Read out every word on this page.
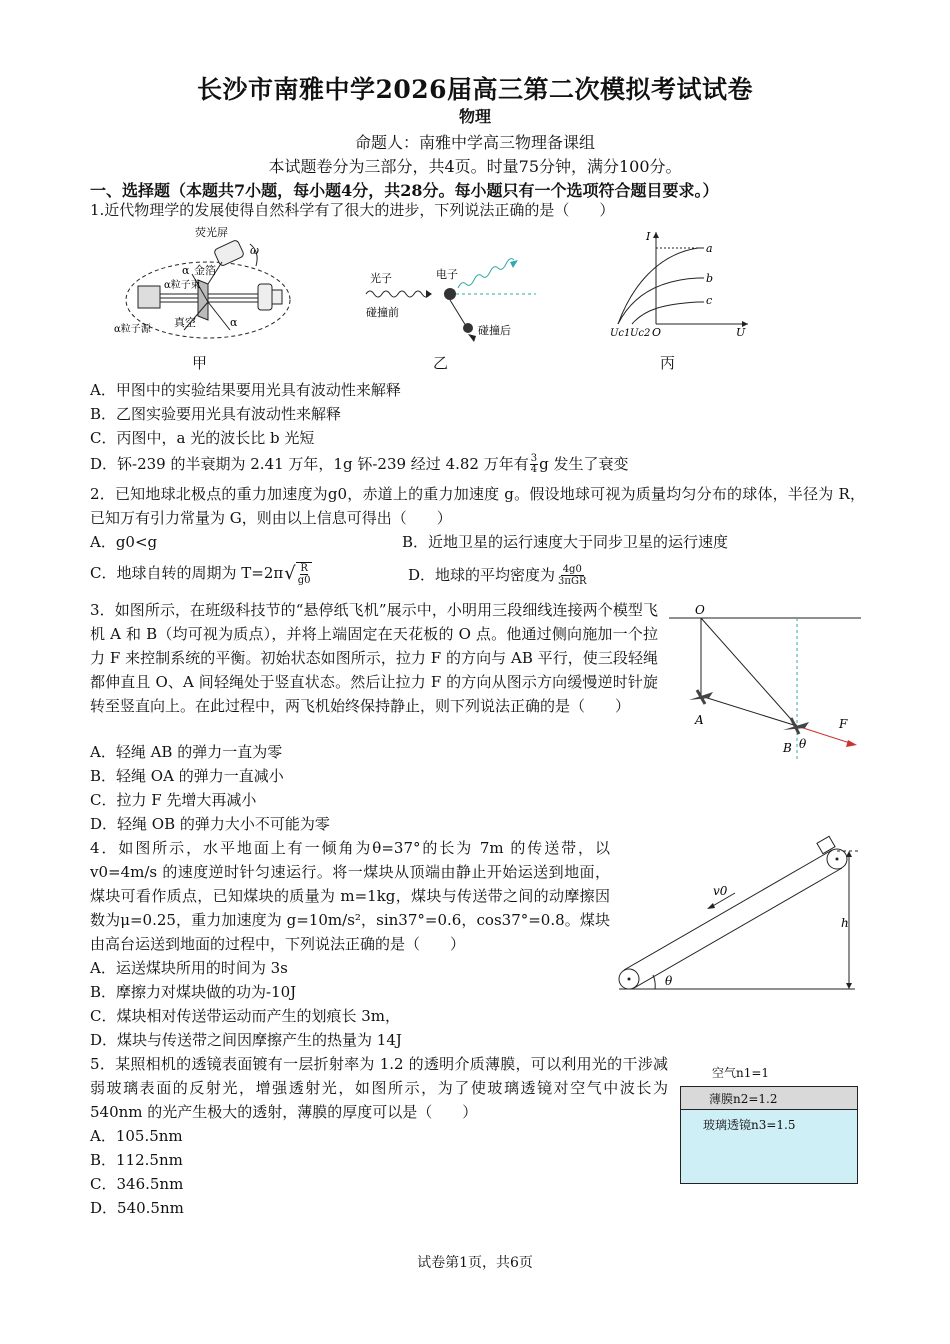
长沙市南雅中学2026届高三第二次模拟考试试卷
物理
命题人：南雅中学高三物理备课组
本试题卷分为三部分，共4页。时量75分钟，满分100分。
一、选择题（本题共7小题，每小题4分，共28分。每小题只有一个选项符合题目要求。）
1.近代物理学的发展使得自然科学有了很大的进步，下列说法正确的是（　　）
荧光屏
ω
金箔
α
α粒子束
α粒子源
真空	α
甲
光子	电子
碰撞前
碰撞后
乙
I
a
b
c
Uc1 Uc2 O	U
丙
A．甲图中的实验结果要用光具有波动性来解释
B．乙图实验要用光具有波动性来解释
C．丙图中，a 光的波长比 b 光短
D．钚-239 的半衰期为 2.41 万年，1g 钚-239 经过 4.82 万年有 $\frac{3}{4}$ g 发生了衰变
2．已知地球北极点的重力加速度为g0，赤道上的重力加速度 g。假设地球可视为质量均匀分布的球体，半径为 R，已知万有引力常量为 G，则由以上信息可得出（　　）
A．g0<g	B．近地卫星的运行速度大于同步卫星的运行速度
C．地球自转的周期为 T=2π √ $\frac{R}{g0}$	D．地球的平均密度为 4g0
3πGR
3．如图所示，在班级科技节的“悬停纸飞机”展示中，小明用三段细线连接两个模型飞机 A 和 B（均可视为质点），并将上端固定在天花板的 O 点。他通过侧向施加一个拉力 F 来控制系统的平衡。初始状态如图所示，拉力 F 的方向与 AB 平行，使三段轻绳都伸直且 O、A 间轻绳处于竖直状态。然后让拉力 F 的方向从图示方向缓慢逆时针旋转至竖直向上。在此过程中，两飞机始终保持静止，则下列说法正确的是（　　）
O
A
B θ
F
A．轻绳 AB 的弹力一直为零
B．轻绳 OA 的弹力一直减小
C．拉力 F 先增大再减小
D．轻绳 OB 的弹力大小不可能为零
4．如图所示，水平地面上有一倾角为θ=37°的长为 7m 的传送带，以 v0=4m/s 的速度逆时针匀速运行。将一煤块从顶端由静止开始运送到地面，煤块可看作质点，已知煤块的质量为 m=1kg，煤块与传送带之间的动摩擦因数为μ=0.25，重力加速度为 g=10m/s²，sin37°=0.6，cos37°=0.8。煤块由高台运送到地面的过程中，下列说法正确的是（　　）
v0
h
θ
A．运送煤块所用的时间为 3s
B．摩擦力对煤块做的功为-10J
C．煤块相对传送带运动而产生的划痕长 3m，
D．煤块与传送带之间因摩擦产生的热量为 14J
5．某照相机的透镜表面镀有一层折射率为 1.2 的透明介质薄膜，可以利用光的干涉减弱玻璃表面的反射光，增强透射光，如图所示，为了使玻璃透镜对空气中波长为 540nm 的光产生极大的透射，薄膜的厚度可以是（　　）
空气n1=1
薄膜n2=1.2
玻璃透镜n3=1.5
A．105.5nm
B．112.5nm
C．346.5nm
D．540.5nm
试卷第1页，共6页
